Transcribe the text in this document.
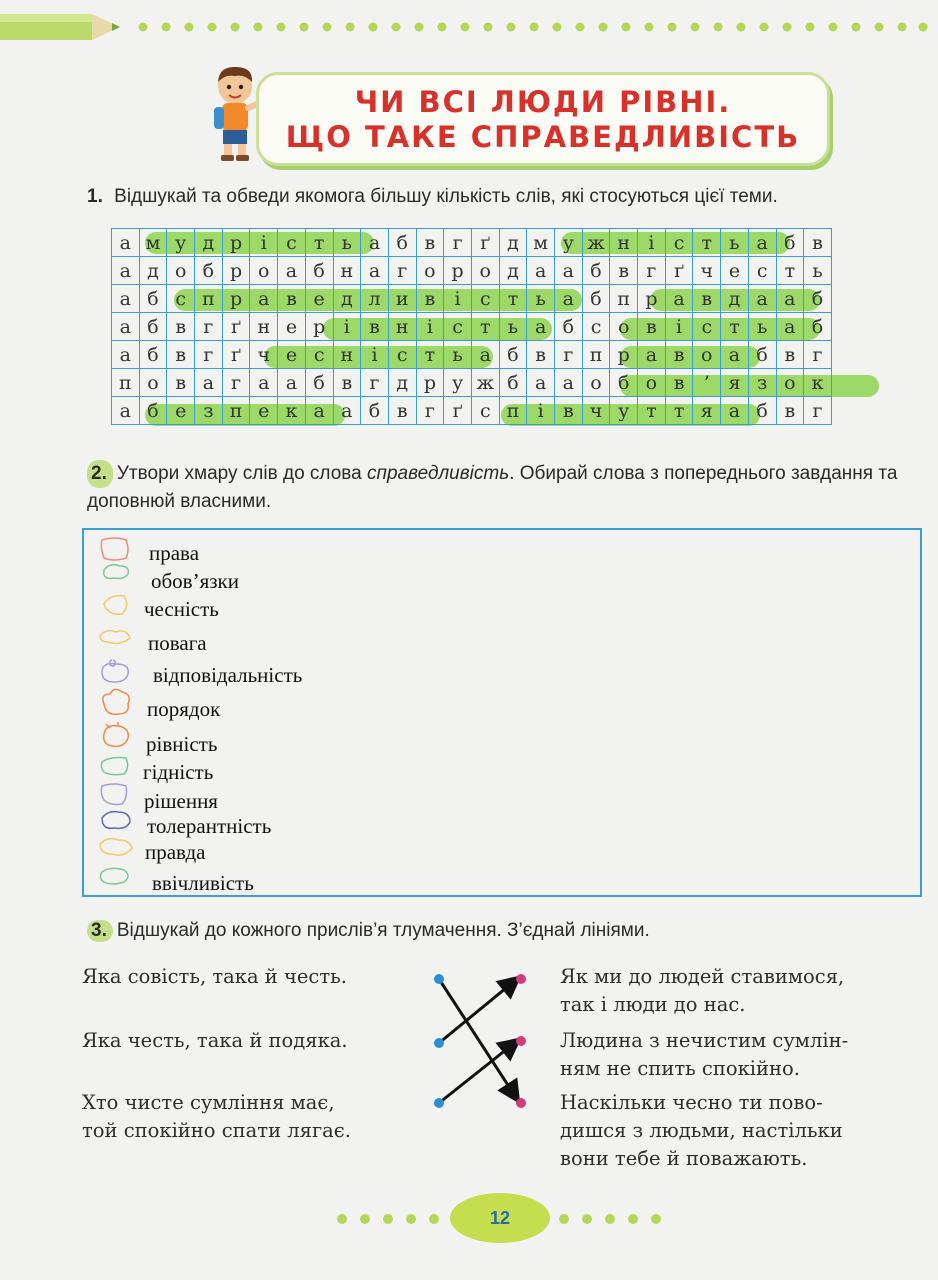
ЧИ ВСІ ЛЮДИ РІВНІ.
ЩО ТАКЕ СПРАВЕДЛИВІСТЬ
1. Відшукай та обведи якомога більшу кількість слів, які стосуються цієї теми.
а	м	у	д	р	і	с	т	ь	а	б	в	г	ґ	д	м	у	ж	н	і	с	т	ь	а	б	в
а	д	о	б	р	о	а	б	н	а	г	о	р	о	д	а	а	б	в	г	ґ	ч	е	с	т	ь
а	б	с	п	р	а	в	е	д	л	и	в	і	с	т	ь	а	б	п	р	а	в	д	а	а	б
а	б	в	г	ґ	н	е	р	і	в	н	і	с	т	ь	а	б	с	о	в	і	с	т	ь	а	б
а	б	в	г	ґ	ч	е	с	н	і	с	т	ь	а	б	в	г	п	р	а	в	о	а	б	в	г
п	о	в	а	г	а	а	б	в	г	д	р	у	ж	б	а	а	о	б	о	в	’	я	з	о	к
а	б	е	з	п	е	к	а	а	б	в	г	ґ	с	п	і	в	ч	у	т	т	я	а	б	в	г
2. Утвори хмару слів до слова справедливість. Обирай слова з попереднього завдання та доповнюй власними.
права
обов’язки
чесність
повага
відповідальність
порядок
рівність
гідність
рішення
толерантність
правда
ввічливість
3. Відшукай до кожного прислів’я тлумачення. З’єднай лініями.
Яка совість, така й честь.
Яка честь, така й подяка.
Хто чисте сумління має,
той спокійно спати лягає.
Як ми до людей ставимося,
так і люди до нас.
Людина з нечистим сумлін-
ням не спить спокійно.
Наскільки чесно ти пово-
дишся з людьми, настільки
вони тебе й поважають.
12
